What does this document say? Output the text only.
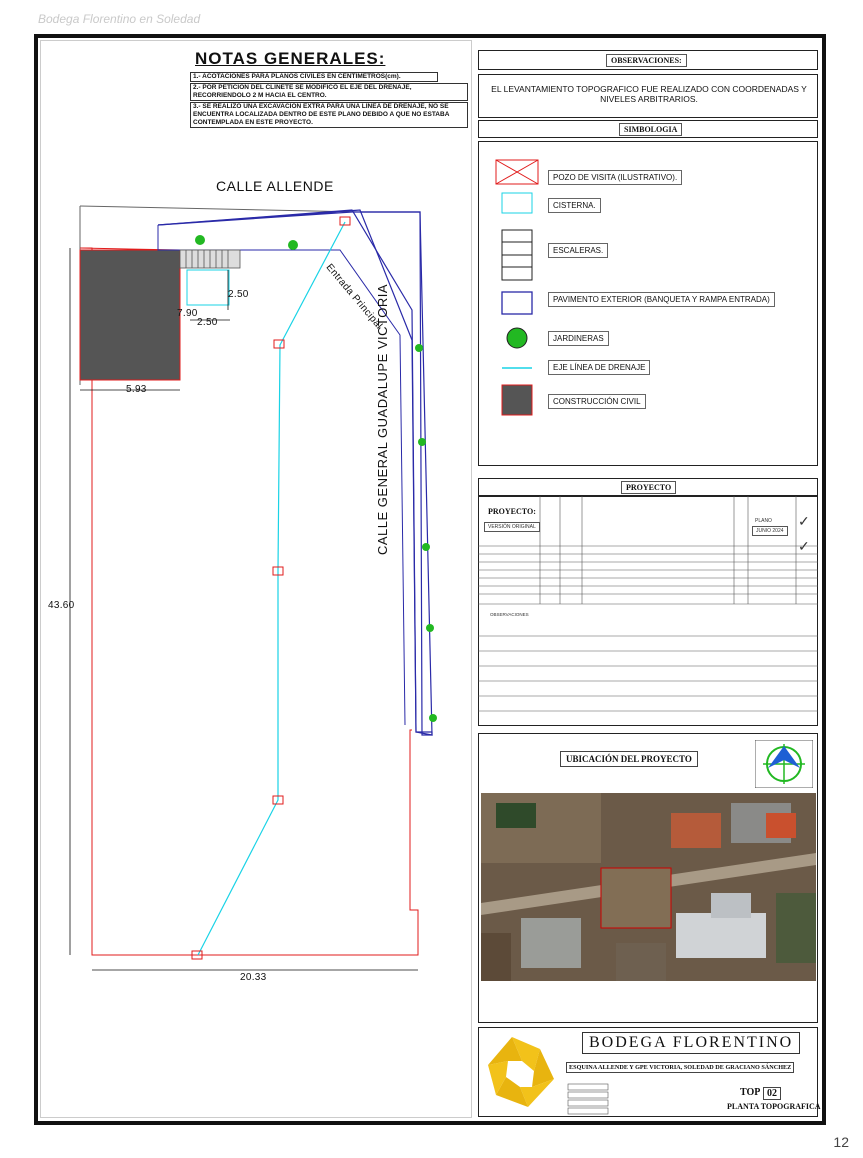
Bodega Florentino en Soledad
12
NOTAS GENERALES:
1.- ACOTACIONES PARA PLANOS CIVILES EN CENTIMETROS(cm).
2.- POR PETICIÓN DEL CLINETE SE MODIFICÓ EL EJE DEL DRENAJE, RECORRIENDOLO 2 M HACIA EL CENTRO.
3.- SE REALIZO UNA EXCAVACION EXTRA PARA UNA LINEA DE DRENAJE, NO SE ENCUENTRA LOCALIZADA DENTRO DE ESTE PLANO DEBIDO A QUE NO ESTABA CONTEMPLADA EN ESTE PROYECTO.
CALLE ALLENDE
CALLE GENERAL GUADALUPE VICTORIA
Entrada Principal
2.50
7.90
2.50
5.93
43.60
20.33
OBSERVACIONES:
EL LEVANTAMIENTO TOPOGRAFICO FUE REALIZADO CON COORDENADAS Y NIVELES ARBITRARIOS.
SIMBOLOGIA
POZO DE VISITA (ILUSTRATIVO).
CISTERNA.
ESCALERAS.
PAVIMENTO EXTERIOR (BANQUETA Y RAMPA ENTRADA)
JARDINERAS
EJE LÍNEA DE DRENAJE
CONSTRUCCIÓN CIVIL
PROYECTO
✓
✓
PROYECTO:
VERSIÓN ORIGINAL
PLANO
JUNIO 2024
OBSERVACIONES
UBICACIÓN DEL PROYECTO
BODEGA FLORENTINO
ESQUINA ALLENDE Y GPE VICTORIA, SOLEDAD DE GRACIANO SÁNCHEZ
TOP 02
PLANTA TOPOGRAFICA
